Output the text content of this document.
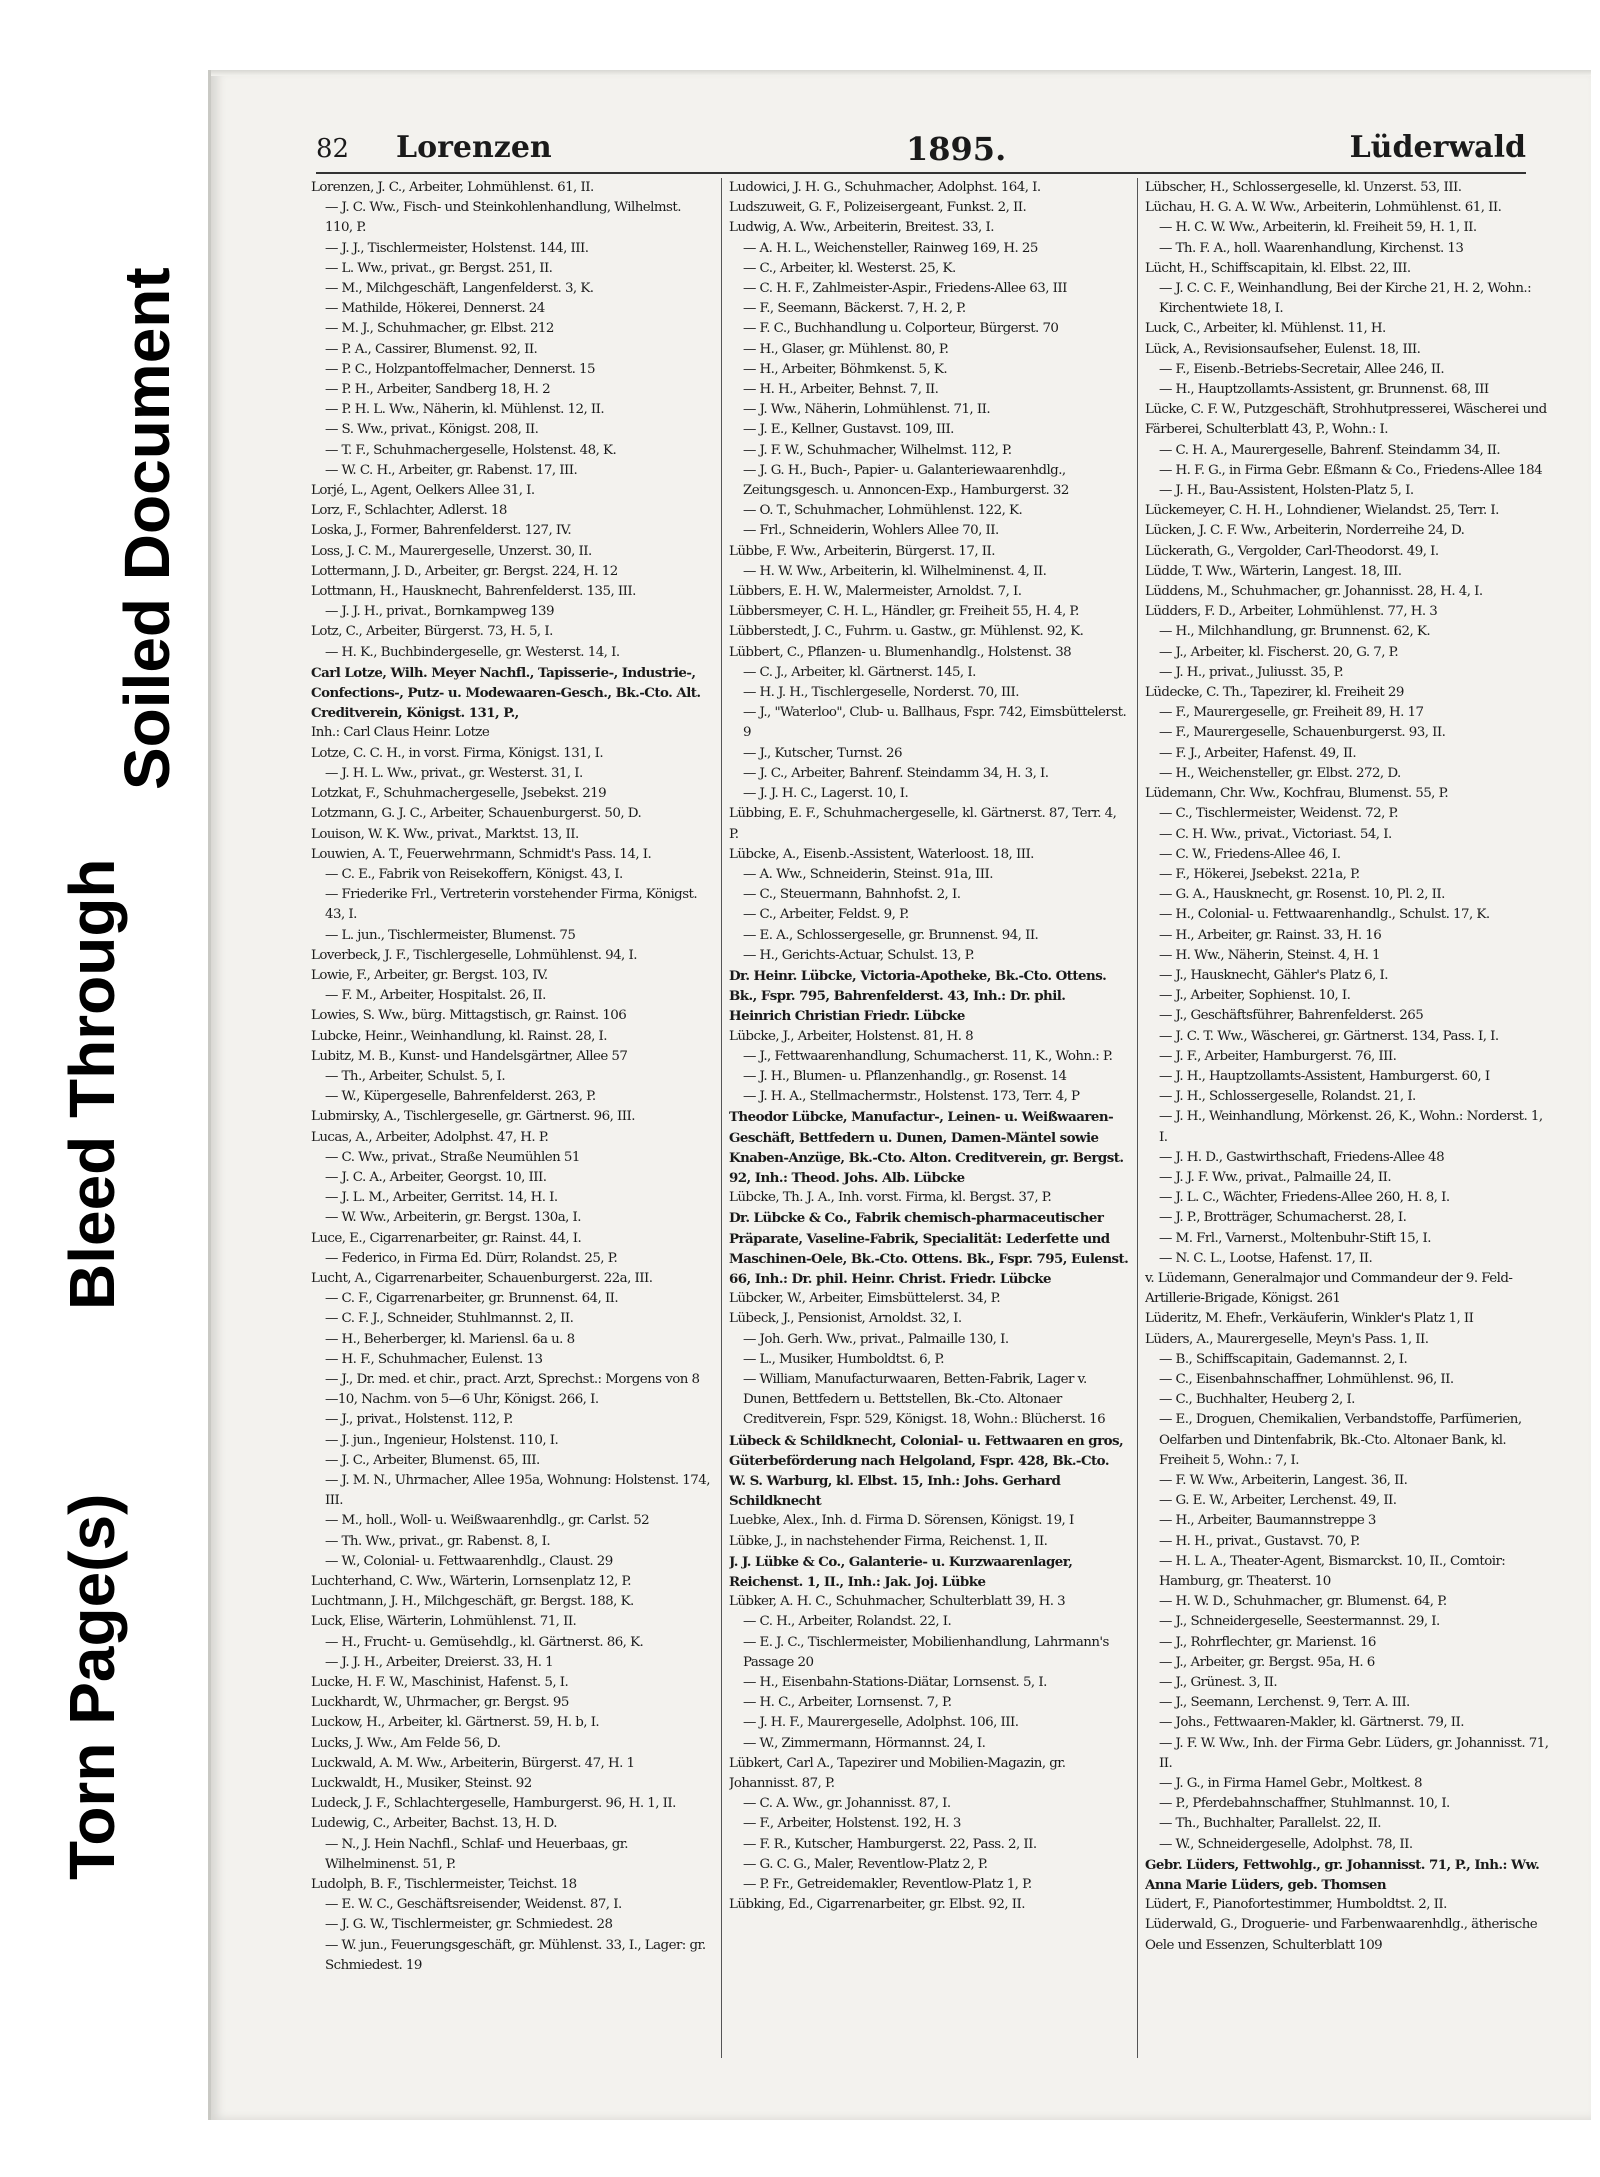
Torn Page(s)
Bleed Through
Soiled Document
82 Lorenzen	1895.	Lüderwald
Lorenzen, J. C., Arbeiter, Lohmühlenst. 61, II.
— J. C. Ww., Fisch- und Steinkohlenhandlung, Wilhelmst. 110, P.
— J. J., Tischlermeister, Holstenst. 144, III.
— L. Ww., privat., gr. Bergst. 251, II.
— M., Milchgeschäft, Langenfelderst. 3, K.
— Mathilde, Hökerei, Dennerst. 24
— M. J., Schuhmacher, gr. Elbst. 212
— P. A., Cassirer, Blumenst. 92, II.
— P. C., Holzpantoffelmacher, Dennerst. 15
— P. H., Arbeiter, Sandberg 18, H. 2
— P. H. L. Ww., Näherin, kl. Mühlenst. 12, II.
— S. Ww., privat., Königst. 208, II.
— T. F., Schuhmachergeselle, Holstenst. 48, K.
— W. C. H., Arbeiter, gr. Rabenst. 17, III.
Lorjé, L., Agent, Oelkers Allee 31, I.
Lorz, F., Schlachter, Adlerst. 18
Loska, J., Former, Bahrenfelderst. 127, IV.
Loss, J. C. M., Maurergeselle, Unzerst. 30, II.
Lottermann, J. D., Arbeiter, gr. Bergst. 224, H. 12
Lottmann, H., Hausknecht, Bahrenfelderst. 135, III.
— J. J. H., privat., Bornkampweg 139
Lotz, C., Arbeiter, Bürgerst. 73, H. 5, I.
— H. K., Buchbindergeselle, gr. Westerst. 14, I.
Carl Lotze, Wilh. Meyer Nachfl., Tapisserie-, Industrie-, Confections-, Putz- u. Modewaaren-Gesch., Bk.-Cto. Alt. Creditverein, Königst. 131, P.,
Inh.: Carl Claus Heinr. Lotze
Lotze, C. C. H., in vorst. Firma, Königst. 131, I.
— J. H. L. Ww., privat., gr. Westerst. 31, I.
Lotzkat, F., Schuhmachergeselle, Jsebekst. 219
Lotzmann, G. J. C., Arbeiter, Schauenburgerst. 50, D.
Louison, W. K. Ww., privat., Marktst. 13, II.
Louwien, A. T., Feuerwehrmann, Schmidt's Pass. 14, I.
— C. E., Fabrik von Reisekoffern, Königst. 43, I.
— Friederike Frl., Vertreterin vorstehender Firma, Königst. 43, I.
— L. jun., Tischlermeister, Blumenst. 75
Loverbeck, J. F., Tischlergeselle, Lohmühlenst. 94, I.
Lowie, F., Arbeiter, gr. Bergst. 103, IV.
— F. M., Arbeiter, Hospitalst. 26, II.
Lowies, S. Ww., bürg. Mittagstisch, gr. Rainst. 106
Lubcke, Heinr., Weinhandlung, kl. Rainst. 28, I.
Lubitz, M. B., Kunst- und Handelsgärtner, Allee 57
— Th., Arbeiter, Schulst. 5, I.
— W., Küpergeselle, Bahrenfelderst. 263, P.
Lubmirsky, A., Tischlergeselle, gr. Gärtnerst. 96, III.
Lucas, A., Arbeiter, Adolphst. 47, H. P.
— C. Ww., privat., Straße Neumühlen 51
— J. C. A., Arbeiter, Georgst. 10, III.
— J. L. M., Arbeiter, Gerritst. 14, H. I.
— W. Ww., Arbeiterin, gr. Bergst. 130a, I.
Luce, E., Cigarrenarbeiter, gr. Rainst. 44, I.
— Federico, in Firma Ed. Dürr, Rolandst. 25, P.
Lucht, A., Cigarrenarbeiter, Schauenburgerst. 22a, III.
— C. F., Cigarrenarbeiter, gr. Brunnenst. 64, II.
— C. F. J., Schneider, Stuhlmannst. 2, II.
— H., Beherberger, kl. Mariensl. 6a u. 8
— H. F., Schuhmacher, Eulenst. 13
— J., Dr. med. et chir., pract. Arzt, Sprechst.: Morgens von 8—10, Nachm. von 5—6 Uhr, Königst. 266, I.
— J., privat., Holstenst. 112, P.
— J. jun., Ingenieur, Holstenst. 110, I.
— J. C., Arbeiter, Blumenst. 65, III.
— J. M. N., Uhrmacher, Allee 195a, Wohnung: Holstenst. 174, III.
— M., holl., Woll- u. Weißwaarenhdlg., gr. Carlst. 52
— Th. Ww., privat., gr. Rabenst. 8, I.
— W., Colonial- u. Fettwaarenhdlg., Claust. 29
Luchterhand, C. Ww., Wärterin, Lornsenplatz 12, P.
Luchtmann, J. H., Milchgeschäft, gr. Bergst. 188, K.
Luck, Elise, Wärterin, Lohmühlenst. 71, II.
— H., Frucht- u. Gemüsehdlg., kl. Gärtnerst. 86, K.
— J. J. H., Arbeiter, Dreierst. 33, H. 1
Lucke, H. F. W., Maschinist, Hafenst. 5, I.
Luckhardt, W., Uhrmacher, gr. Bergst. 95
Luckow, H., Arbeiter, kl. Gärtnerst. 59, H. b, I.
Lucks, J. Ww., Am Felde 56, D.
Luckwald, A. M. Ww., Arbeiterin, Bürgerst. 47, H. 1
Luckwaldt, H., Musiker, Steinst. 92
Ludeck, J. F., Schlachtergeselle, Hamburgerst. 96, H. 1, II.
Ludewig, C., Arbeiter, Bachst. 13, H. D.
— N., J. Hein Nachfl., Schlaf- und Heuerbaas, gr. Wilhelminenst. 51, P.
Ludolph, B. F., Tischlermeister, Teichst. 18
— E. W. C., Geschäftsreisender, Weidenst. 87, I.
— J. G. W., Tischlermeister, gr. Schmiedest. 28
— W. jun., Feuerungsgeschäft, gr. Mühlenst. 33, I., Lager: gr. Schmiedest. 19
Ludowici, J. H. G., Schuhmacher, Adolphst. 164, I.
Ludszuweit, G. F., Polizeisergeant, Funkst. 2, II.
Ludwig, A. Ww., Arbeiterin, Breitest. 33, I.
— A. H. L., Weichensteller, Rainweg 169, H. 25
— C., Arbeiter, kl. Westerst. 25, K.
— C. H. F., Zahlmeister-Aspir., Friedens-Allee 63, III
— F., Seemann, Bäckerst. 7, H. 2, P.
— F. C., Buchhandlung u. Colporteur, Bürgerst. 70
— H., Glaser, gr. Mühlenst. 80, P.
— H., Arbeiter, Böhmkenst. 5, K.
— H. H., Arbeiter, Behnst. 7, II.
— J. Ww., Näherin, Lohmühlenst. 71, II.
— J. E., Kellner, Gustavst. 109, III.
— J. F. W., Schuhmacher, Wilhelmst. 112, P.
— J. G. H., Buch-, Papier- u. Galanteriewaarenhdlg., Zeitungsgesch. u. Annoncen-Exp., Hamburgerst. 32
— O. T., Schuhmacher, Lohmühlenst. 122, K.
— Frl., Schneiderin, Wohlers Allee 70, II.
Lübbe, F. Ww., Arbeiterin, Bürgerst. 17, II.
— H. W. Ww., Arbeiterin, kl. Wilhelminenst. 4, II.
Lübbers, E. H. W., Malermeister, Arnoldst. 7, I.
Lübbersmeyer, C. H. L., Händler, gr. Freiheit 55, H. 4, P.
Lübberstedt, J. C., Fuhrm. u. Gastw., gr. Mühlenst. 92, K.
Lübbert, C., Pflanzen- u. Blumenhandlg., Holstenst. 38
— C. J., Arbeiter, kl. Gärtnerst. 145, I.
— H. J. H., Tischlergeselle, Norderst. 70, III.
— J., "Waterloo", Club- u. Ballhaus, Fspr. 742, Eimsbüttelerst. 9
— J., Kutscher, Turnst. 26
— J. C., Arbeiter, Bahrenf. Steindamm 34, H. 3, I.
— J. J. H. C., Lagerst. 10, I.
Lübbing, E. F., Schuhmachergeselle, kl. Gärtnerst. 87, Terr. 4, P.
Lübcke, A., Eisenb.-Assistent, Waterloost. 18, III.
— A. Ww., Schneiderin, Steinst. 91a, III.
— C., Steuermann, Bahnhofst. 2, I.
— C., Arbeiter, Feldst. 9, P.
— E. A., Schlossergeselle, gr. Brunnenst. 94, II.
— H., Gerichts-Actuar, Schulst. 13, P.
Dr. Heinr. Lübcke, Victoria-Apotheke, Bk.-Cto. Ottens. Bk., Fspr. 795, Bahrenfelderst. 43, Inh.: Dr. phil. Heinrich Christian Friedr. Lübcke
Lübcke, J., Arbeiter, Holstenst. 81, H. 8
— J., Fettwaarenhandlung, Schumacherst. 11, K., Wohn.: P.
— J. H., Blumen- u. Pflanzenhandlg., gr. Rosenst. 14
— J. H. A., Stellmachermstr., Holstenst. 173, Terr. 4, P
Theodor Lübcke, Manufactur-, Leinen- u. Weißwaaren-Geschäft, Bettfedern u. Dunen, Damen-Mäntel sowie Knaben-Anzüge, Bk.-Cto. Alton. Creditverein, gr. Bergst. 92, Inh.: Theod. Johs. Alb. Lübcke
Lübcke, Th. J. A., Inh. vorst. Firma, kl. Bergst. 37, P.
Dr. Lübcke & Co., Fabrik chemisch-pharmaceutischer Präparate, Vaseline-Fabrik, Specialität: Lederfette und Maschinen-Oele, Bk.-Cto. Ottens. Bk., Fspr. 795, Eulenst. 66, Inh.: Dr. phil. Heinr. Christ. Friedr. Lübcke
Lübcker, W., Arbeiter, Eimsbüttelerst. 34, P.
Lübeck, J., Pensionist, Arnoldst. 32, I.
— Joh. Gerh. Ww., privat., Palmaille 130, I.
— L., Musiker, Humboldtst. 6, P.
— William, Manufacturwaaren, Betten-Fabrik, Lager v. Dunen, Bettfedern u. Bettstellen, Bk.-Cto. Altonaer Creditverein, Fspr. 529, Königst. 18, Wohn.: Blücherst. 16
Lübeck & Schildknecht, Colonial- u. Fettwaaren en gros, Güterbeförderung nach Helgoland, Fspr. 428, Bk.-Cto. W. S. Warburg, kl. Elbst. 15, Inh.: Johs. Gerhard Schildknecht
Luebke, Alex., Inh. d. Firma D. Sörensen, Königst. 19, I
Lübke, J., in nachstehender Firma, Reichenst. 1, II.
J. J. Lübke & Co., Galanterie- u. Kurzwaarenlager, Reichenst. 1, II., Inh.: Jak. Joj. Lübke
Lübker, A. H. C., Schuhmacher, Schulterblatt 39, H. 3
— C. H., Arbeiter, Rolandst. 22, I.
— E. J. C., Tischlermeister, Mobilienhandlung, Lahrmann's Passage 20
— H., Eisenbahn-Stations-Diätar, Lornsenst. 5, I.
— H. C., Arbeiter, Lornsenst. 7, P.
— J. H. F., Maurergeselle, Adolphst. 106, III.
— W., Zimmermann, Hörmannst. 24, I.
Lübkert, Carl A., Tapezirer und Mobilien-Magazin, gr. Johannisst. 87, P.
— C. A. Ww., gr. Johannisst. 87, I.
— F., Arbeiter, Holstenst. 192, H. 3
— F. R., Kutscher, Hamburgerst. 22, Pass. 2, II.
— G. C. G., Maler, Reventlow-Platz 2, P.
— P. Fr., Getreidemakler, Reventlow-Platz 1, P.
Lübking, Ed., Cigarrenarbeiter, gr. Elbst. 92, II.
Lübscher, H., Schlossergeselle, kl. Unzerst. 53, III.
Lüchau, H. G. A. W. Ww., Arbeiterin, Lohmühlenst. 61, II.
— H. C. W. Ww., Arbeiterin, kl. Freiheit 59, H. 1, II.
— Th. F. A., holl. Waarenhandlung, Kirchenst. 13
Lücht, H., Schiffscapitain, kl. Elbst. 22, III.
— J. C. C. F., Weinhandlung, Bei der Kirche 21, H. 2, Wohn.: Kirchentwiete 18, I.
Luck, C., Arbeiter, kl. Mühlenst. 11, H.
Lück, A., Revisionsaufseher, Eulenst. 18, III.
— F., Eisenb.-Betriebs-Secretair, Allee 246, II.
— H., Hauptzollamts-Assistent, gr. Brunnenst. 68, III
Lücke, C. F. W., Putzgeschäft, Strohhutpresserei, Wäscherei und Färberei, Schulterblatt 43, P., Wohn.: I.
— C. H. A., Maurergeselle, Bahrenf. Steindamm 34, II.
— H. F. G., in Firma Gebr. Eßmann & Co., Friedens-Allee 184
— J. H., Bau-Assistent, Holsten-Platz 5, I.
Lückemeyer, C. H. H., Lohndiener, Wielandst. 25, Terr. I.
Lücken, J. C. F. Ww., Arbeiterin, Norderreihe 24, D.
Lückerath, G., Vergolder, Carl-Theodorst. 49, I.
Lüdde, T. Ww., Wärterin, Langest. 18, III.
Lüddens, M., Schuhmacher, gr. Johannisst. 28, H. 4, I.
Lüdders, F. D., Arbeiter, Lohmühlenst. 77, H. 3
— H., Milchhandlung, gr. Brunnenst. 62, K.
— J., Arbeiter, kl. Fischerst. 20, G. 7, P.
— J. H., privat., Juliusst. 35, P.
Lüdecke, C. Th., Tapezirer, kl. Freiheit 29
— F., Maurergeselle, gr. Freiheit 89, H. 17
— F., Maurergeselle, Schauenburgerst. 93, II.
— F. J., Arbeiter, Hafenst. 49, II.
— H., Weichensteller, gr. Elbst. 272, D.
Lüdemann, Chr. Ww., Kochfrau, Blumenst. 55, P.
— C., Tischlermeister, Weidenst. 72, P.
— C. H. Ww., privat., Victoriast. 54, I.
— C. W., Friedens-Allee 46, I.
— F., Hökerei, Jsebekst. 221a, P.
— G. A., Hausknecht, gr. Rosenst. 10, Pl. 2, II.
— H., Colonial- u. Fettwaarenhandlg., Schulst. 17, K.
— H., Arbeiter, gr. Rainst. 33, H. 16
— H. Ww., Näherin, Steinst. 4, H. 1
— J., Hausknecht, Gähler's Platz 6, I.
— J., Arbeiter, Sophienst. 10, I.
— J., Geschäftsführer, Bahrenfelderst. 265
— J. C. T. Ww., Wäscherei, gr. Gärtnerst. 134, Pass. I, I.
— J. F., Arbeiter, Hamburgerst. 76, III.
— J. H., Hauptzollamts-Assistent, Hamburgerst. 60, I
— J. H., Schlossergeselle, Rolandst. 21, I.
— J. H., Weinhandlung, Mörkenst. 26, K., Wohn.: Norderst. 1, I.
— J. H. D., Gastwirthschaft, Friedens-Allee 48
— J. J. F. Ww., privat., Palmaille 24, II.
— J. L. C., Wächter, Friedens-Allee 260, H. 8, I.
— J. P., Brotträger, Schumacherst. 28, I.
— M. Frl., Varnerst., Moltenbuhr-Stift 15, I.
— N. C. L., Lootse, Hafenst. 17, II.
v. Lüdemann, Generalmajor und Commandeur der 9. Feld-Artillerie-Brigade, Königst. 261
Lüderitz, M. Ehefr., Verkäuferin, Winkler's Platz 1, II
Lüders, A., Maurergeselle, Meyn's Pass. 1, II.
— B., Schiffscapitain, Gademannst. 2, I.
— C., Eisenbahnschaffner, Lohmühlenst. 96, II.
— C., Buchhalter, Heuberg 2, I.
— E., Droguen, Chemikalien, Verbandstoffe, Parfümerien, Oelfarben und Dintenfabrik, Bk.-Cto. Altonaer Bank, kl. Freiheit 5, Wohn.: 7, I.
— F. W. Ww., Arbeiterin, Langest. 36, II.
— G. E. W., Arbeiter, Lerchenst. 49, II.
— H., Arbeiter, Baumannstreppe 3
— H. H., privat., Gustavst. 70, P.
— H. L. A., Theater-Agent, Bismarckst. 10, II., Comtoir: Hamburg, gr. Theaterst. 10
— H. W. D., Schuhmacher, gr. Blumenst. 64, P.
— J., Schneidergeselle, Seestermannst. 29, I.
— J., Rohrflechter, gr. Marienst. 16
— J., Arbeiter, gr. Bergst. 95a, H. 6
— J., Grünest. 3, II.
— J., Seemann, Lerchenst. 9, Terr. A. III.
— Johs., Fettwaaren-Makler, kl. Gärtnerst. 79, II.
— J. F. W. Ww., Inh. der Firma Gebr. Lüders, gr. Johannisst. 71, II.
— J. G., in Firma Hamel Gebr., Moltkest. 8
— P., Pferdebahnschaffner, Stuhlmannst. 10, I.
— Th., Buchhalter, Parallelst. 22, II.
— W., Schneidergeselle, Adolphst. 78, II.
Gebr. Lüders, Fettwohlg., gr. Johannisst. 71, P., Inh.: Ww. Anna Marie Lüders, geb. Thomsen
Lüdert, F., Pianofortestimmer, Humboldtst. 2, II.
Lüderwald, G., Droguerie- und Farbenwaarenhdlg., ätherische Oele und Essenzen, Schulterblatt 109
